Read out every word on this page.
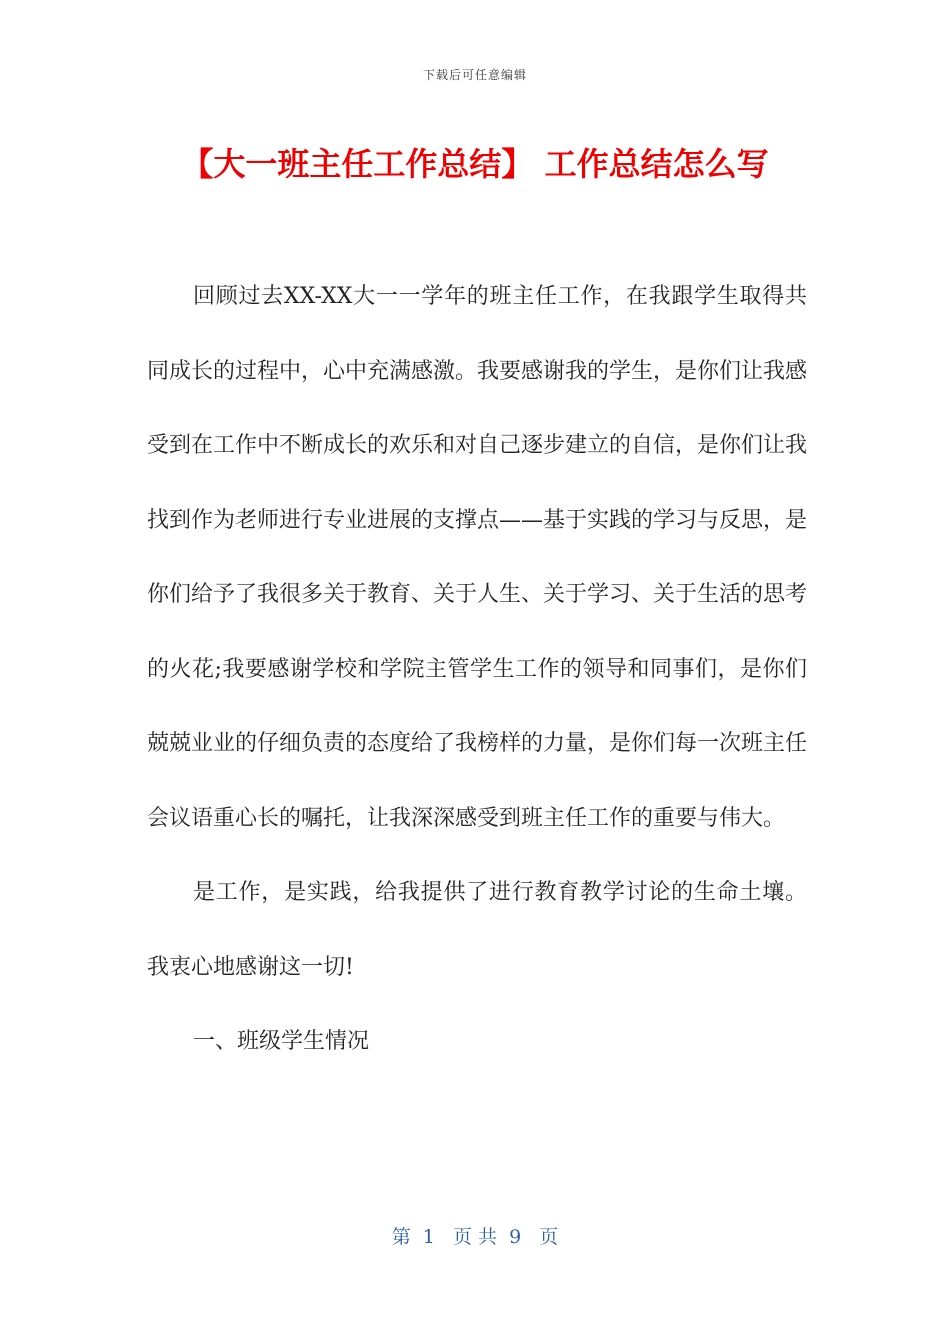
下载后可任意编辑
【大一班主任工作总结】 工作总结怎么写

回顾过去XX-XX大一一学年的班主任工作，在我跟学生取得共同成长的过程中，心中充满感激。我要感谢我的学生，是你们让我感受到在工作中不断成长的欢乐和对自己逐步建立的自信，是你们让我找到作为老师进行专业进展的支撑点——基于实践的学习与反思，是你们给予了我很多关于教育、关于人生、关于学习、关于生活的思考的火花;我要感谢学校和学院主管学生工作的领导和同事们，是你们兢兢业业的仔细负责的态度给了我榜样的力量，是你们每一次班主任会议语重心长的嘱托，让我深深感受到班主任工作的重要与伟大。

是工作，是实践，给我提供了进行教育教学讨论的生命土壤。我衷心地感谢这一切!

一、班级学生情况

第  1   页 共  9   页
